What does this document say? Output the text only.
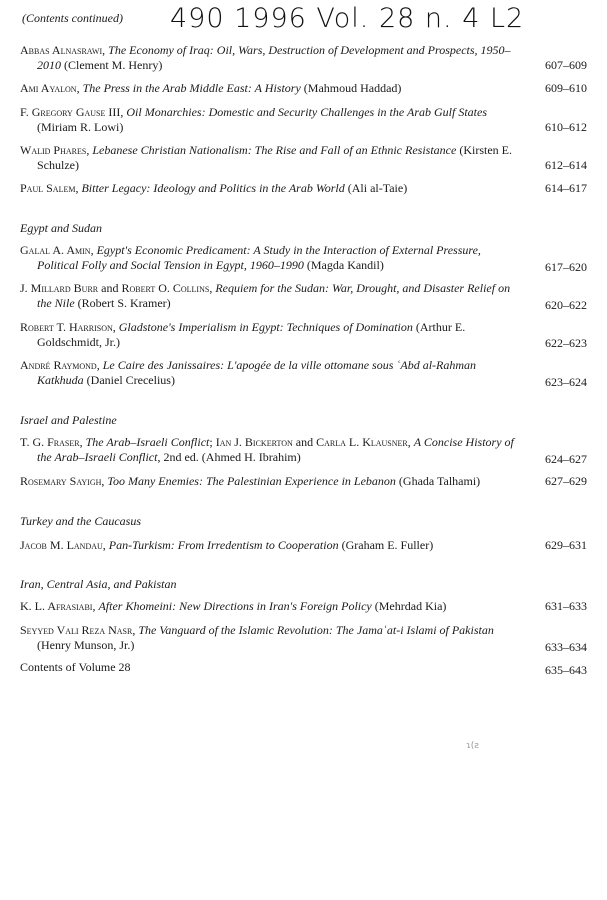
(Contents continued) 490 1996 Vol. 28 n. 4 L2
607–609
Abbas Alnasrawi, The Economy of Iraq: Oil, Wars, Destruction of Development and Prospects, 1950–2010 (Clement M. Henry)
609–610
Ami Ayalon, The Press in the Arab Middle East: A History (Mahmoud Haddad)
610–612
F. Gregory Gause III, Oil Monarchies: Domestic and Security Challenges in the Arab Gulf States (Miriam R. Lowi)
612–614
Walid Phares, Lebanese Christian Nationalism: The Rise and Fall of an Ethnic Resistance (Kirsten E. Schulze)
614–617
Paul Salem, Bitter Legacy: Ideology and Politics in the Arab World (Ali al-Taie)
Egypt and Sudan
617–620
Galal A. Amin, Egypt's Economic Predicament: A Study in the Interaction of External Pressure, Political Folly and Social Tension in Egypt, 1960–1990 (Magda Kandil)
620–622
J. Millard Burr and Robert O. Collins, Requiem for the Sudan: War, Drought, and Disaster Relief on the Nile (Robert S. Kramer)
622–623
Robert T. Harrison, Gladstone's Imperialism in Egypt: Techniques of Domination (Arthur E. Goldschmidt, Jr.)
623–624
André Raymond, Le Caire des Janissaires: L'apogée de la ville ottomane sous ʿAbd al-Rahman Katkhuda (Daniel Crecelius)
Israel and Palestine
624–627
T. G. Fraser, The Arab–Israeli Conflict; Ian J. Bickerton and Carla L. Klausner, A Concise History of the Arab–Israeli Conflict, 2nd ed. (Ahmed H. Ibrahim)
627–629
Rosemary Sayigh, Too Many Enemies: The Palestinian Experience in Lebanon (Ghada Talhami)
Turkey and the Caucasus
629–631
Jacob M. Landau, Pan-Turkism: From Irredentism to Cooperation (Graham E. Fuller)
Iran, Central Asia, and Pakistan
631–633
K. L. Afrasiabi, After Khomeini: New Directions in Iran's Foreign Policy (Mehrdad Kia)
633–634
Seyyed Vali Reza Nasr, The Vanguard of the Islamic Revolution: The Jamaʿat-i Islami of Pakistan (Henry Munson, Jr.)
635–643
Contents of Volume 28
ɿ(ƨ
